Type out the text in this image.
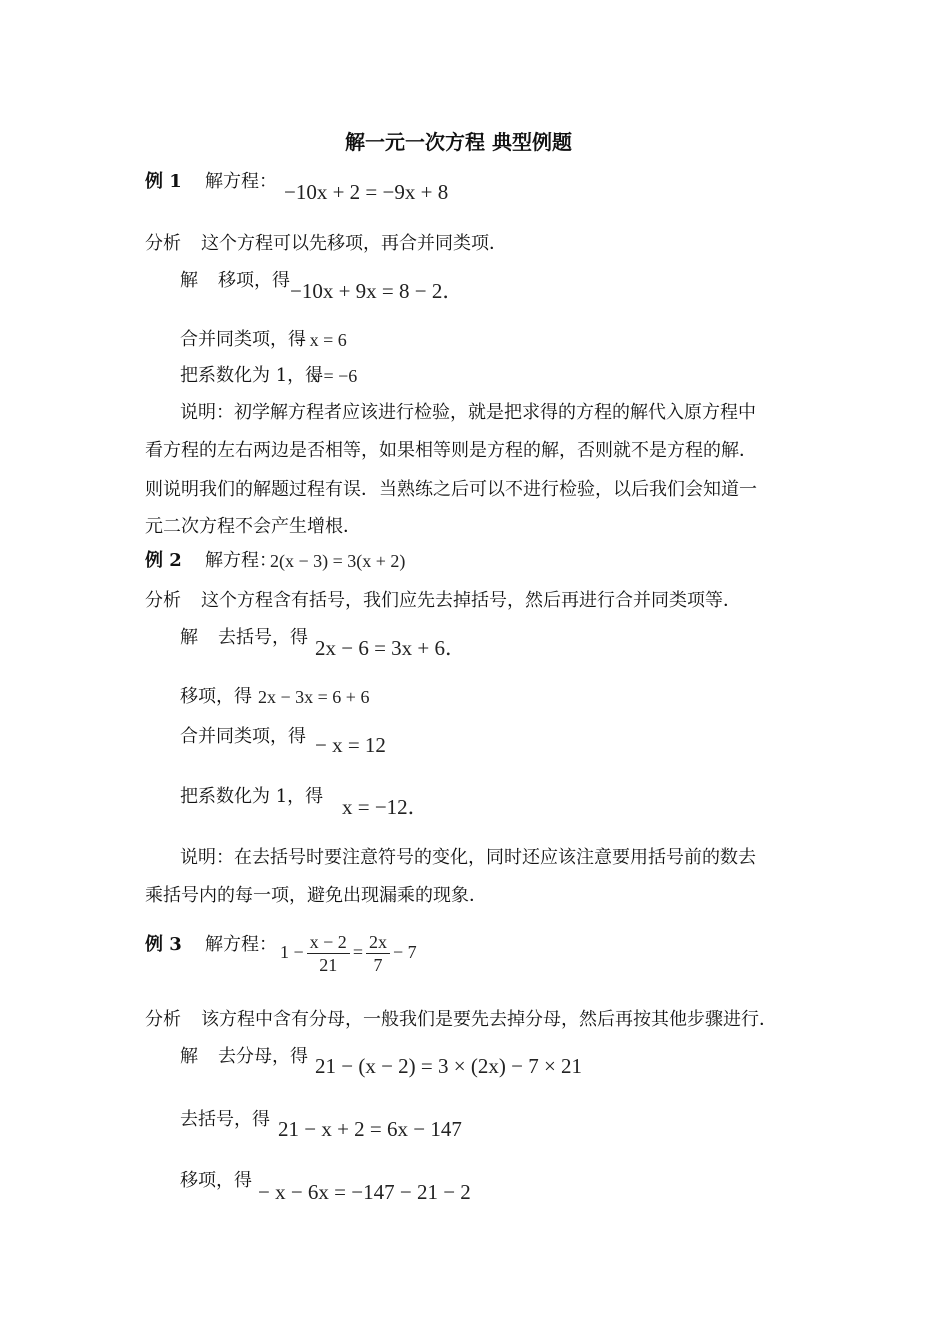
解一元一次方程 典型例题
例 1 解方程： −10x + 2 = −9x + 8
分析 这个方程可以先移项，再合并同类项．
解 移项，得 −10x + 9x = 8 − 2．
合并同类项，得
− x = 6
把系数化为 1，得
x = −6
说明：初学解方程者应该进行检验，就是把求得的方程的解代入原方程中
看方程的左右两边是否相等，如果相等则是方程的解，否则就不是方程的解．
则说明我们的解题过程有误．当熟练之后可以不进行检验，以后我们会知道一
元二次方程不会产生增根．
例 2 解方程：
2(x − 3) = 3(x + 2)
分析 这个方程含有括号，我们应先去掉括号，然后再进行合并同类项等．
解 去括号，得 2x − 6 = 3x + 6．
移项，得 2x − 3x = 6 + 6
合并同类项，得 − x = 12
把系数化为 1，得 x = −12．
说明：在去括号时要注意符号的变化，同时还应该注意要用括号前的数去
乘括号内的每一项，避免出现漏乘的现象．
例 3 解方程： $1 - \frac{x - 2}{21} = \frac{2x}{7} - 7$
分析 该方程中含有分母，一般我们是要先去掉分母，然后再按其他步骤进行．
解 去分母，得 21 − (x − 2) = 3 × (2x) − 7 × 21
去括号，得 21 − x + 2 = 6x − 147
移项，得 − x − 6x = −147 − 21 − 2
